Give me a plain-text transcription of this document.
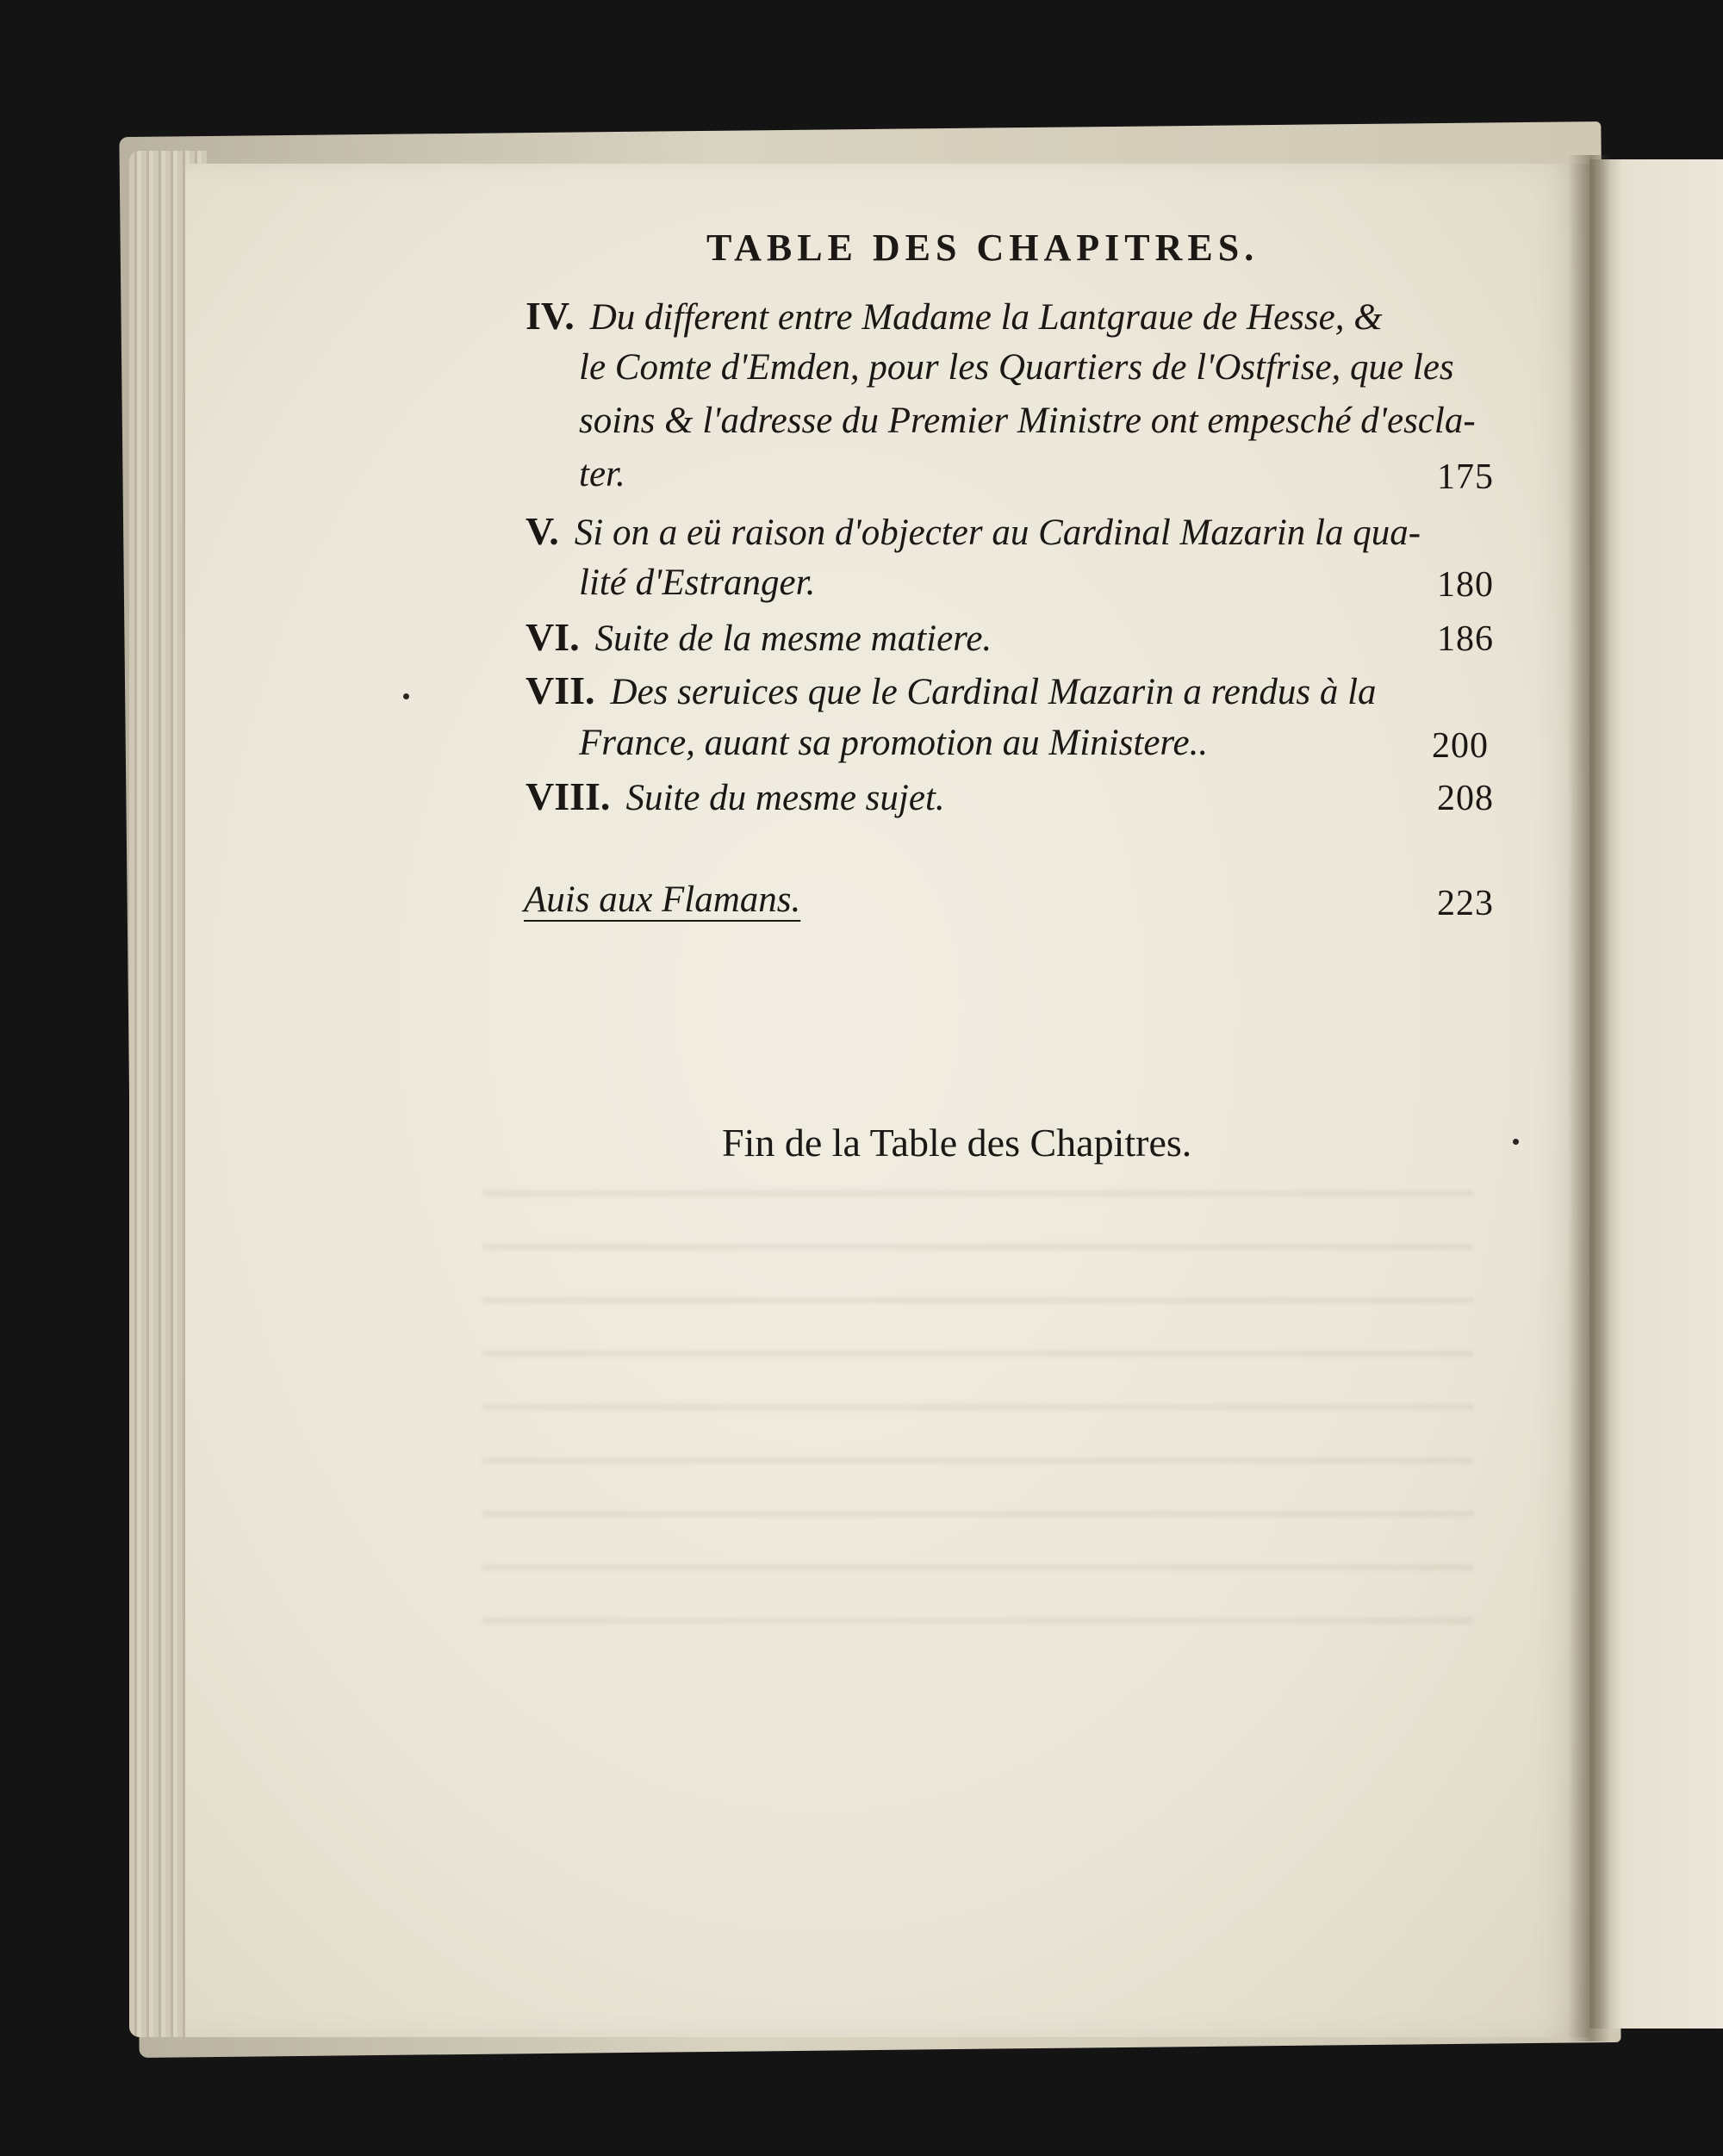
TABLE DES CHAPITRES.
IV. Du different entre Madame la Lantgraue de Hesse, &
le Comte d'Emden, pour les Quartiers de l'Ostfrise, que les
soins & l'adresse du Premier Ministre ont empesché d'escla-
ter.	175
V. Si on a eü raison d'objecter au Cardinal Mazarin la qua-
lité d'Estranger.	180
VI. Suite de la mesme matiere.	186
VII. Des seruices que le Cardinal Mazarin a rendus à la
France, auant sa promotion au Ministere..	200
VIII. Suite du mesme sujet.	208
Auis aux Flamans.	223
Fin de la Table des Chapitres.
